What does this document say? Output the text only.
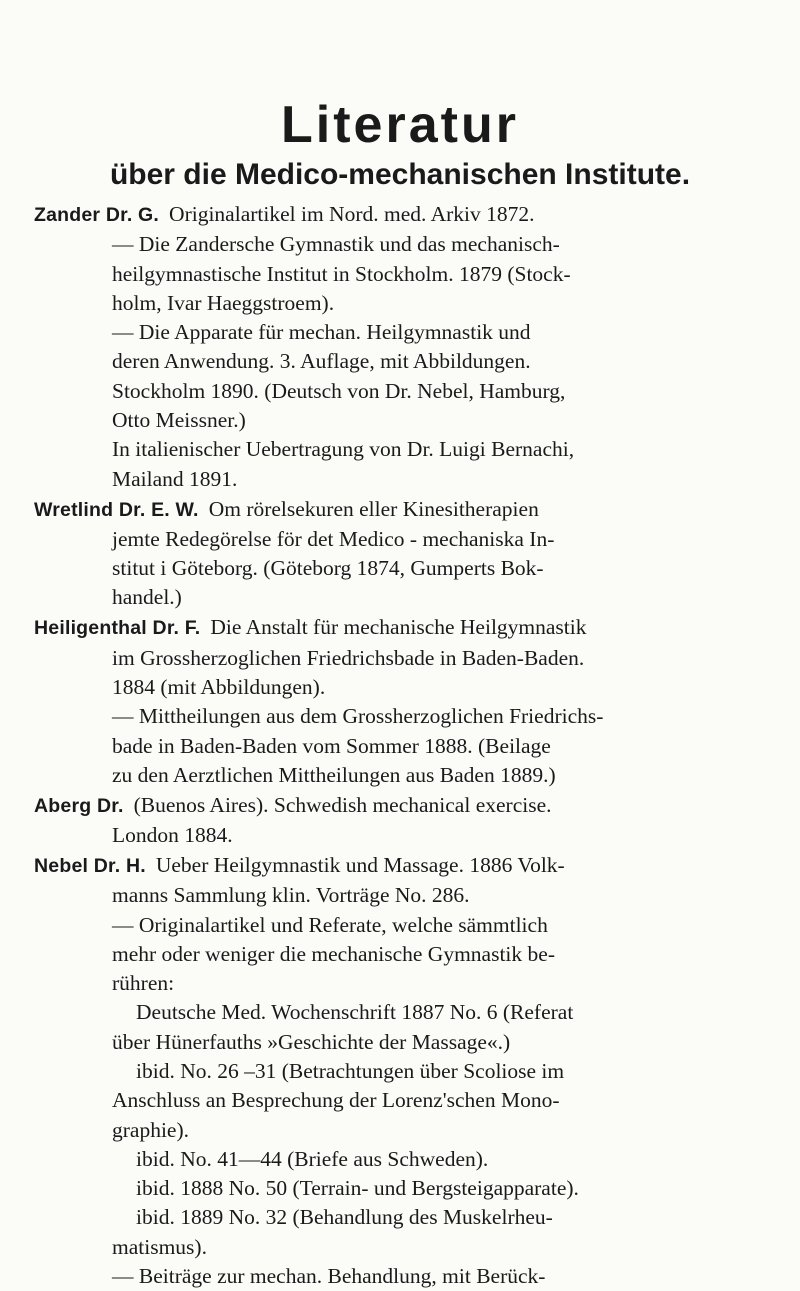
Literatur
über die Medico-mechanischen Institute.
Zander Dr. G. Originalartikel im Nord. med. Arkiv 1872.
— Die Zandersche Gymnastik und das mechanisch-
heilgymnastische Institut in Stockholm. 1879 (Stock-
holm, Ivar Haeggstroem).
— Die Apparate für mechan. Heilgymnastik und
deren Anwendung. 3. Auflage, mit Abbildungen.
Stockholm 1890. (Deutsch von Dr. Nebel, Hamburg,
Otto Meissner.)
In italienischer Uebertragung von Dr. Luigi Bernachi,
Mailand 1891.
Wretlind Dr. E. W. Om rörelsekuren eller Kinesitherapien
jemte Redegörelse för det Medico - mechaniska In-
stitut i Göteborg. (Göteborg 1874, Gumperts Bok-
handel.)
Heiligenthal Dr. F. Die Anstalt für mechanische Heilgymnastik
im Grossherzoglichen Friedrichsbade in Baden-Baden.
1884 (mit Abbildungen).
— Mittheilungen aus dem Grossherzoglichen Friedrichs-
bade in Baden-Baden vom Sommer 1888. (Beilage
zu den Aerztlichen Mittheilungen aus Baden 1889.)
Aberg Dr. (Buenos Aires). Schwedish mechanical exercise.
London 1884.
Nebel Dr. H. Ueber Heilgymnastik und Massage. 1886 Volk-
manns Sammlung klin. Vorträge No. 286.
— Originalartikel und Referate, welche sämmtlich
mehr oder weniger die mechanische Gymnastik be-
rühren:
Deutsche Med. Wochenschrift 1887 No. 6 (Referat
über Hünerfauths »Geschichte der Massage«.)
ibid. No. 26 –31 (Betrachtungen über Scoliose im
Anschluss an Besprechung der Lorenz'schen Mono-
graphie).
ibid. No. 41—44 (Briefe aus Schweden).
ibid. 1888 No. 50 (Terrain- und Bergsteigapparate).
ibid. 1889 No. 32 (Behandlung des Muskelrheu-
matismus).
— Beiträge zur mechan. Behandlung, mit Berück-
